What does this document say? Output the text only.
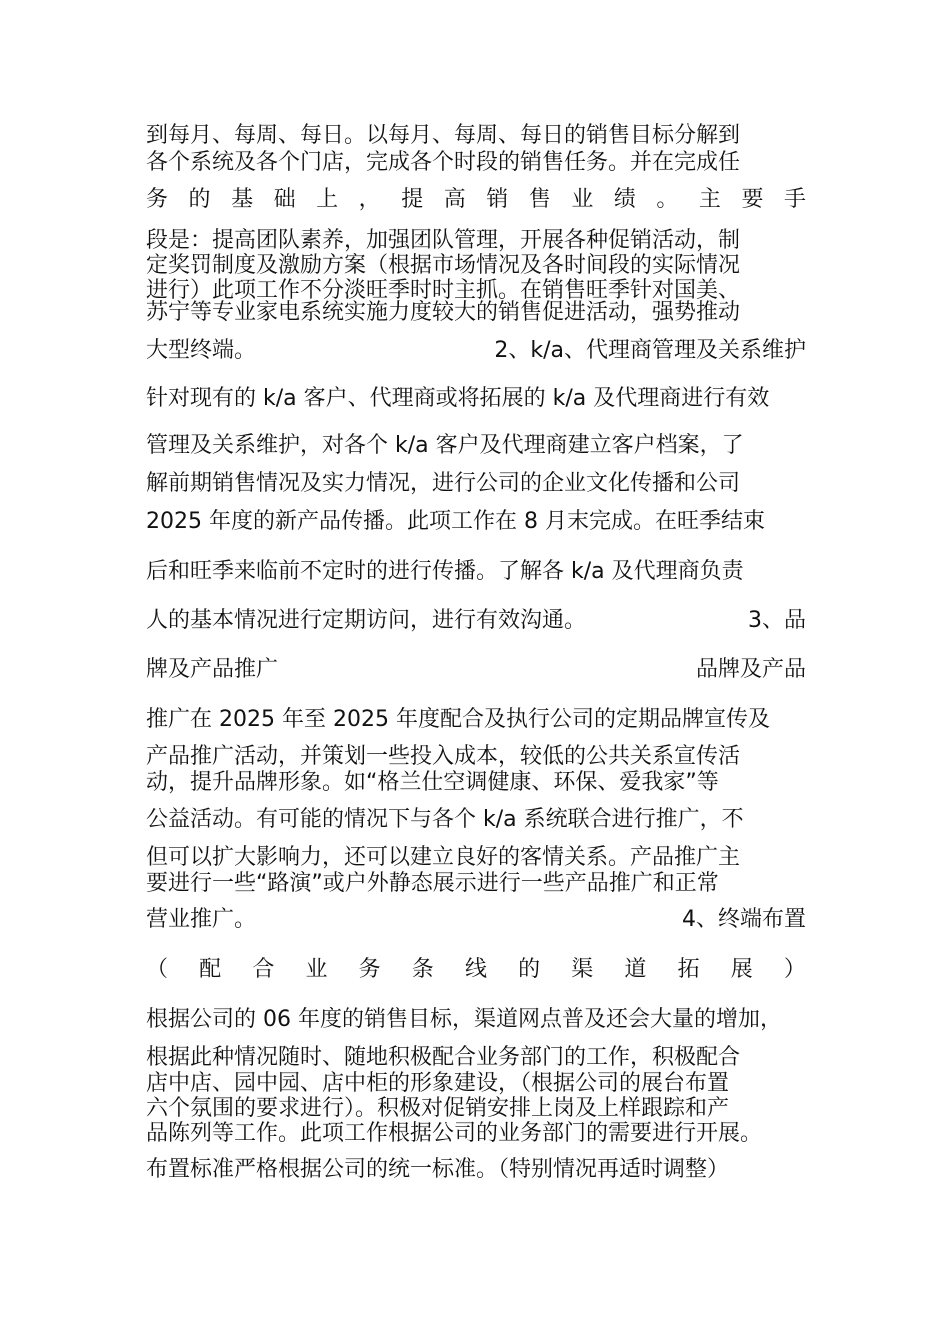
到每月、每周、每日。以每月、每周、每日的销售目标分解到
各个系统及各个门店，完成各个时段的销售任务。并在完成任
务 的 基 础 上 ， 提 高 销 售 业 绩 。 主 要 手
段是：提高团队素养，加强团队管理，开展各种促销活动，制
定奖罚制度及激励方案（根据市场情况及各时间段的实际情况
进行）此项工作不分淡旺季时时主抓。在销售旺季针对国美、
苏宁等专业家电系统实施力度较大的销售促进活动，强势推动
大型终端。	2、k/a、代理商管理及关系维护
针对现有的 k/a 客户、代理商或将拓展的 k/a 及代理商进行有效
管理及关系维护，对各个 k/a 客户及代理商建立客户档案，了
解前期销售情况及实力情况，进行公司的企业文化传播和公司
2025 年度的新产品传播。此项工作在 8 月末完成。在旺季结束
后和旺季来临前不定时的进行传播。了解各 k/a 及代理商负责
人的基本情况进行定期访问，进行有效沟通。	3、品
牌及产品推广	品牌及产品
推广在 2025 年至 2025 年度配合及执行公司的定期品牌宣传及
产品推广活动，并策划一些投入成本，较低的公共关系宣传活
动，提升品牌形象。如“格兰仕空调健康、环保、爱我家”等
公益活动。有可能的情况下与各个 k/a 系统联合进行推广，不
但可以扩大影响力，还可以建立良好的客情关系。产品推广主
要进行一些“路演”或户外静态展示进行一些产品推广和正常
营业推广。	4、终端布置
（ 配 合 业 务 条 线 的 渠 道 拓 展 ）
根据公司的 06 年度的销售目标，渠道网点普及还会大量的增加，
根据此种情况随时、随地积极配合业务部门的工作，积极配合
店中店、园中园、店中柜的形象建设，（根据公司的展台布置
六个氛围的要求进行）。积极对促销安排上岗及上样跟踪和产
品陈列等工作。此项工作根据公司的业务部门的需要进行开展。
布置标准严格根据公司的统一标准。（特别情况再适时调整）
